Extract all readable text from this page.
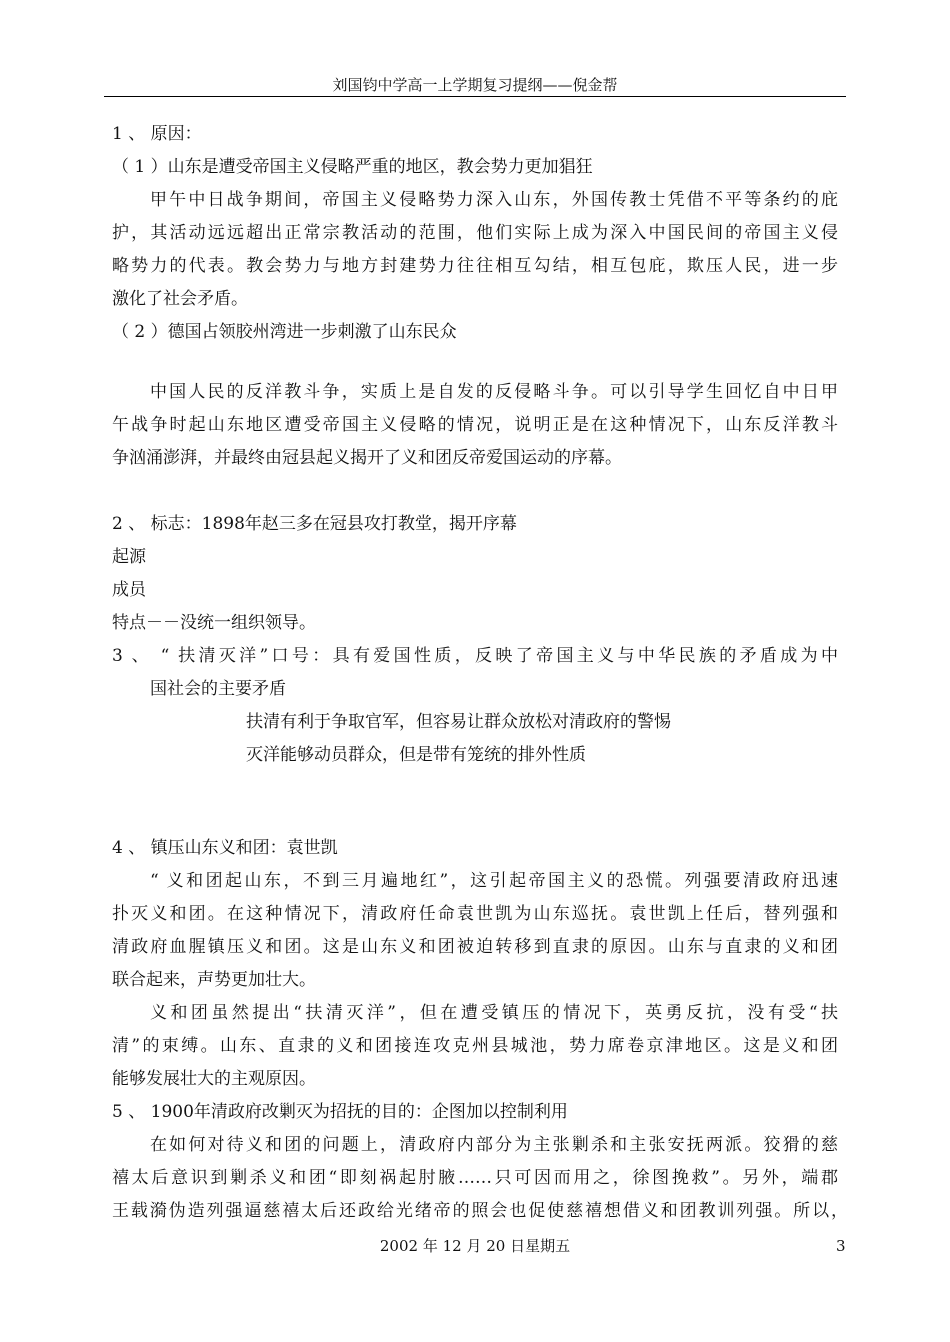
刘国钧中学高一上学期复习提纲——倪金帮
1 、 原因：
（ 1 ）山东是遭受帝国主义侵略严重的地区，教会势力更加猖狂
甲午中日战争期间，帝国主义侵略势力深入山东，外国传教士凭借不平等条约的庇
护，其活动远远超出正常宗教活动的范围，他们实际上成为深入中国民间的帝国主义侵
略势力的代表。教会势力与地方封建势力往往相互勾结，相互包庇，欺压人民，进一步
激化了社会矛盾。
（ 2 ）德国占领胶州湾进一步刺激了山东民众
中国人民的反洋教斗争，实质上是自发的反侵略斗争。可以引导学生回忆自中日甲
午战争时起山东地区遭受帝国主义侵略的情况，说明正是在这种情况下，山东反洋教斗
争汹涌澎湃，并最终由冠县起义揭开了义和团反帝爱国运动的序幕。
2 、 标志：1898年赵三多在冠县攻打教堂，揭开序幕
起源
成员
特点－－没统一组织领导。
3 、 “ 扶清灭洋”口号：具有爱国性质，反映了帝国主义与中华民族的矛盾成为中
国社会的主要矛盾
扶清有利于争取官军，但容易让群众放松对清政府的警惕
灭洋能够动员群众，但是带有笼统的排外性质
4 、 镇压山东义和团：袁世凯
“ 义和团起山东，不到三月遍地红”，这引起帝国主义的恐慌。列强要清政府迅速
扑灭义和团。在这种情况下，清政府任命袁世凯为山东巡抚。袁世凯上任后，替列强和
清政府血腥镇压义和团。这是山东义和团被迫转移到直隶的原因。山东与直隶的义和团
联合起来，声势更加壮大。
义和团虽然提出“扶清灭洋”，但在遭受镇压的情况下，英勇反抗，没有受“扶
清”的束缚。山东、直隶的义和团接连攻克州县城池，势力席卷京津地区。这是义和团
能够发展壮大的主观原因。
5 、 1900年清政府改剿灭为招抚的目的：企图加以控制利用
在如何对待义和团的问题上，清政府内部分为主张剿杀和主张安抚两派。狡猾的慈
禧太后意识到剿杀义和团“即刻祸起肘腋……只可因而用之，徐图挽救”。另外，端郡
王载漪伪造列强逼慈禧太后还政给光绪帝的照会也促使慈禧想借义和团教训列强。所以，
2002 年 12 月 20 日星期五	3
